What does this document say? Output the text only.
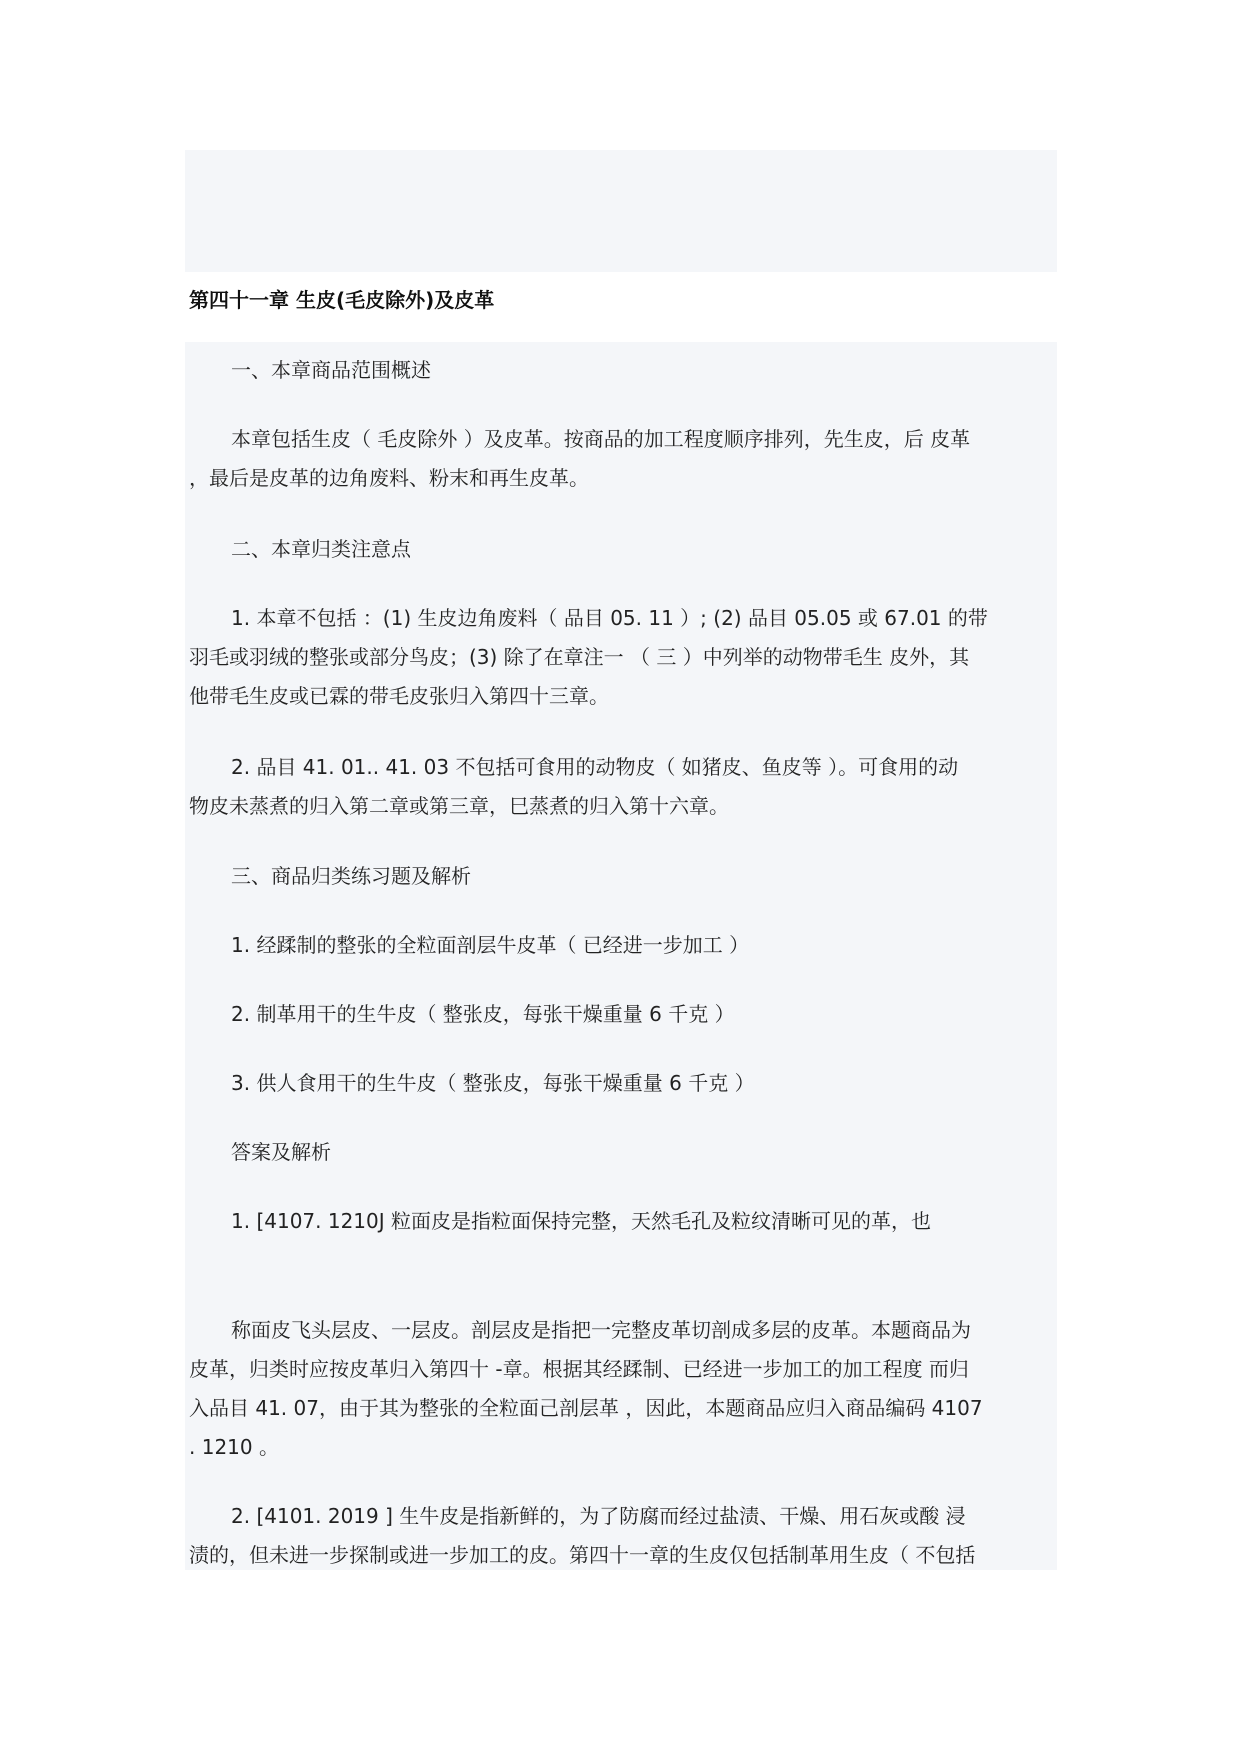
第四十一章 生皮(毛皮除外)及皮革
一、本章商品范围概述
本章包括生皮（ 毛皮除外 ）及皮革。按商品的加工程度顺序排列，先生皮，后 皮革
，最后是皮革的边角废料、粉末和再生皮革。
二、本章归类注意点
1. 本章不包括 ：(1) 生皮边角废料（ 品目 05. 11 ）; (2) 品目 05.05 或 67.01 的带
羽毛或羽绒的整张或部分鸟皮；(3) 除了在章注一 （ 三 ）中列举的动物带毛生 皮外，其
他带毛生皮或已霖的带毛皮张归入第四十三章。
2. 品目 41. 01.. 41. 03 不包括可食用的动物皮（ 如猪皮、鱼皮等 ）。可食用的动
物皮未蒸煮的归入第二章或第三章，巳蒸煮的归入第十六章。
三、商品归类练习题及解析
1. 经蹂制的整张的全粒面剖层牛皮革（ 已经进一步加工 ）
2. 制革用干的生牛皮（ 整张皮，每张干燥重量 6 千克 ）
3. 供人食用干的生牛皮（ 整张皮，每张干燥重量 6 千克 ）
答案及解析
1. [4107. 1210J 粒面皮是指粒面保持完整，天然毛孔及粒纹清晰可见的革，也
称面皮飞头层皮、一层皮。剖层皮是指把一完整皮革切剖成多层的皮革。本题商品为
皮革，归类时应按皮革归入第四十 -章。根据其经蹂制、已经进一步加工的加工程度 而归
入品目 41. 07，由于其为整张的全粒面己剖层革 ，因此，本题商品应归入商品编码 4107
. 1210 。
2. [4101. 2019 ] 生牛皮是指新鲜的，为了防腐而经过盐渍、干燥、用石灰或酸 浸
渍的，但未进一步探制或进一步加工的皮。第四十一章的生皮仅包括制革用生皮（ 不包括
